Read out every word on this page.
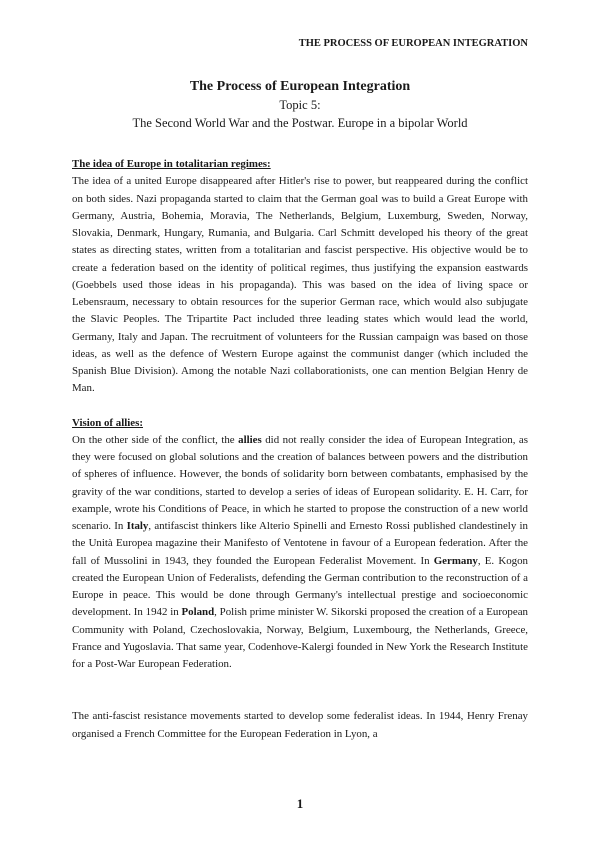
THE PROCESS OF EUROPEAN INTEGRATION
The Process of European Integration
Topic 5:
The Second World War and the Postwar. Europe in a bipolar World

The idea of Europe in totalitarian regimes:

The idea of a united Europe disappeared after Hitler's rise to power, but reappeared during the conflict on both sides. Nazi propaganda started to claim that the German goal was to build a Great Europe with Germany, Austria, Bohemia, Moravia, The Netherlands, Belgium, Luxemburg, Sweden, Norway, Slovakia, Denmark, Hungary, Rumania, and Bulgaria. Carl Schmitt developed his theory of the great states as directing states, written from a totalitarian and fascist perspective. His objective would be to create a federation based on the identity of political regimes, thus justifying the expansion eastwards (Goebbels used those ideas in his propaganda). This was based on the idea of living space or Lebensraum, necessary to obtain resources for the superior German race, which would also subjugate the Slavic Peoples. The Tripartite Pact included three leading states which would lead the world, Germany, Italy and Japan. The recruitment of volunteers for the Russian campaign was based on those ideas, as well as the defence of Western Europe against the communist danger (which included the Spanish Blue Division). Among the notable Nazi collaborationists, one can mention Belgian Henry de Man.

Vision of allies:

On the other side of the conflict, the allies did not really consider the idea of European Integration, as they were focused on global solutions and the creation of balances between powers and the distribution of spheres of influence. However, the bonds of solidarity born between combatants, emphasised by the gravity of the war conditions, started to develop a series of ideas of European solidarity. E. H. Carr, for example, wrote his Conditions of Peace, in which he started to propose the construction of a new world scenario. In Italy, antifascist thinkers like Alterio Spinelli and Ernesto Rossi published clandestinely in the Unità Europea magazine their Manifesto of Ventotene in favour of a European federation. After the fall of Mussolini in 1943, they founded the European Federalist Movement. In Germany, E. Kogon created the European Union of Federalists, defending the German contribution to the reconstruction of a Europe in peace. This would be done through Germany's intellectual prestige and socioeconomic development. In 1942 in Poland, Polish prime minister W. Sikorski proposed the creation of a European Community with Poland, Czechoslovakia, Norway, Belgium, Luxembourg, the Netherlands, Greece, France and Yugoslavia. That same year, Codenhove-Kalergi founded in New York the Research Institute for a Post-War European Federation.

The anti-fascist resistance movements started to develop some federalist ideas. In 1944, Henry Frenay organised a French Committee for the European Federation in Lyon, a

1
